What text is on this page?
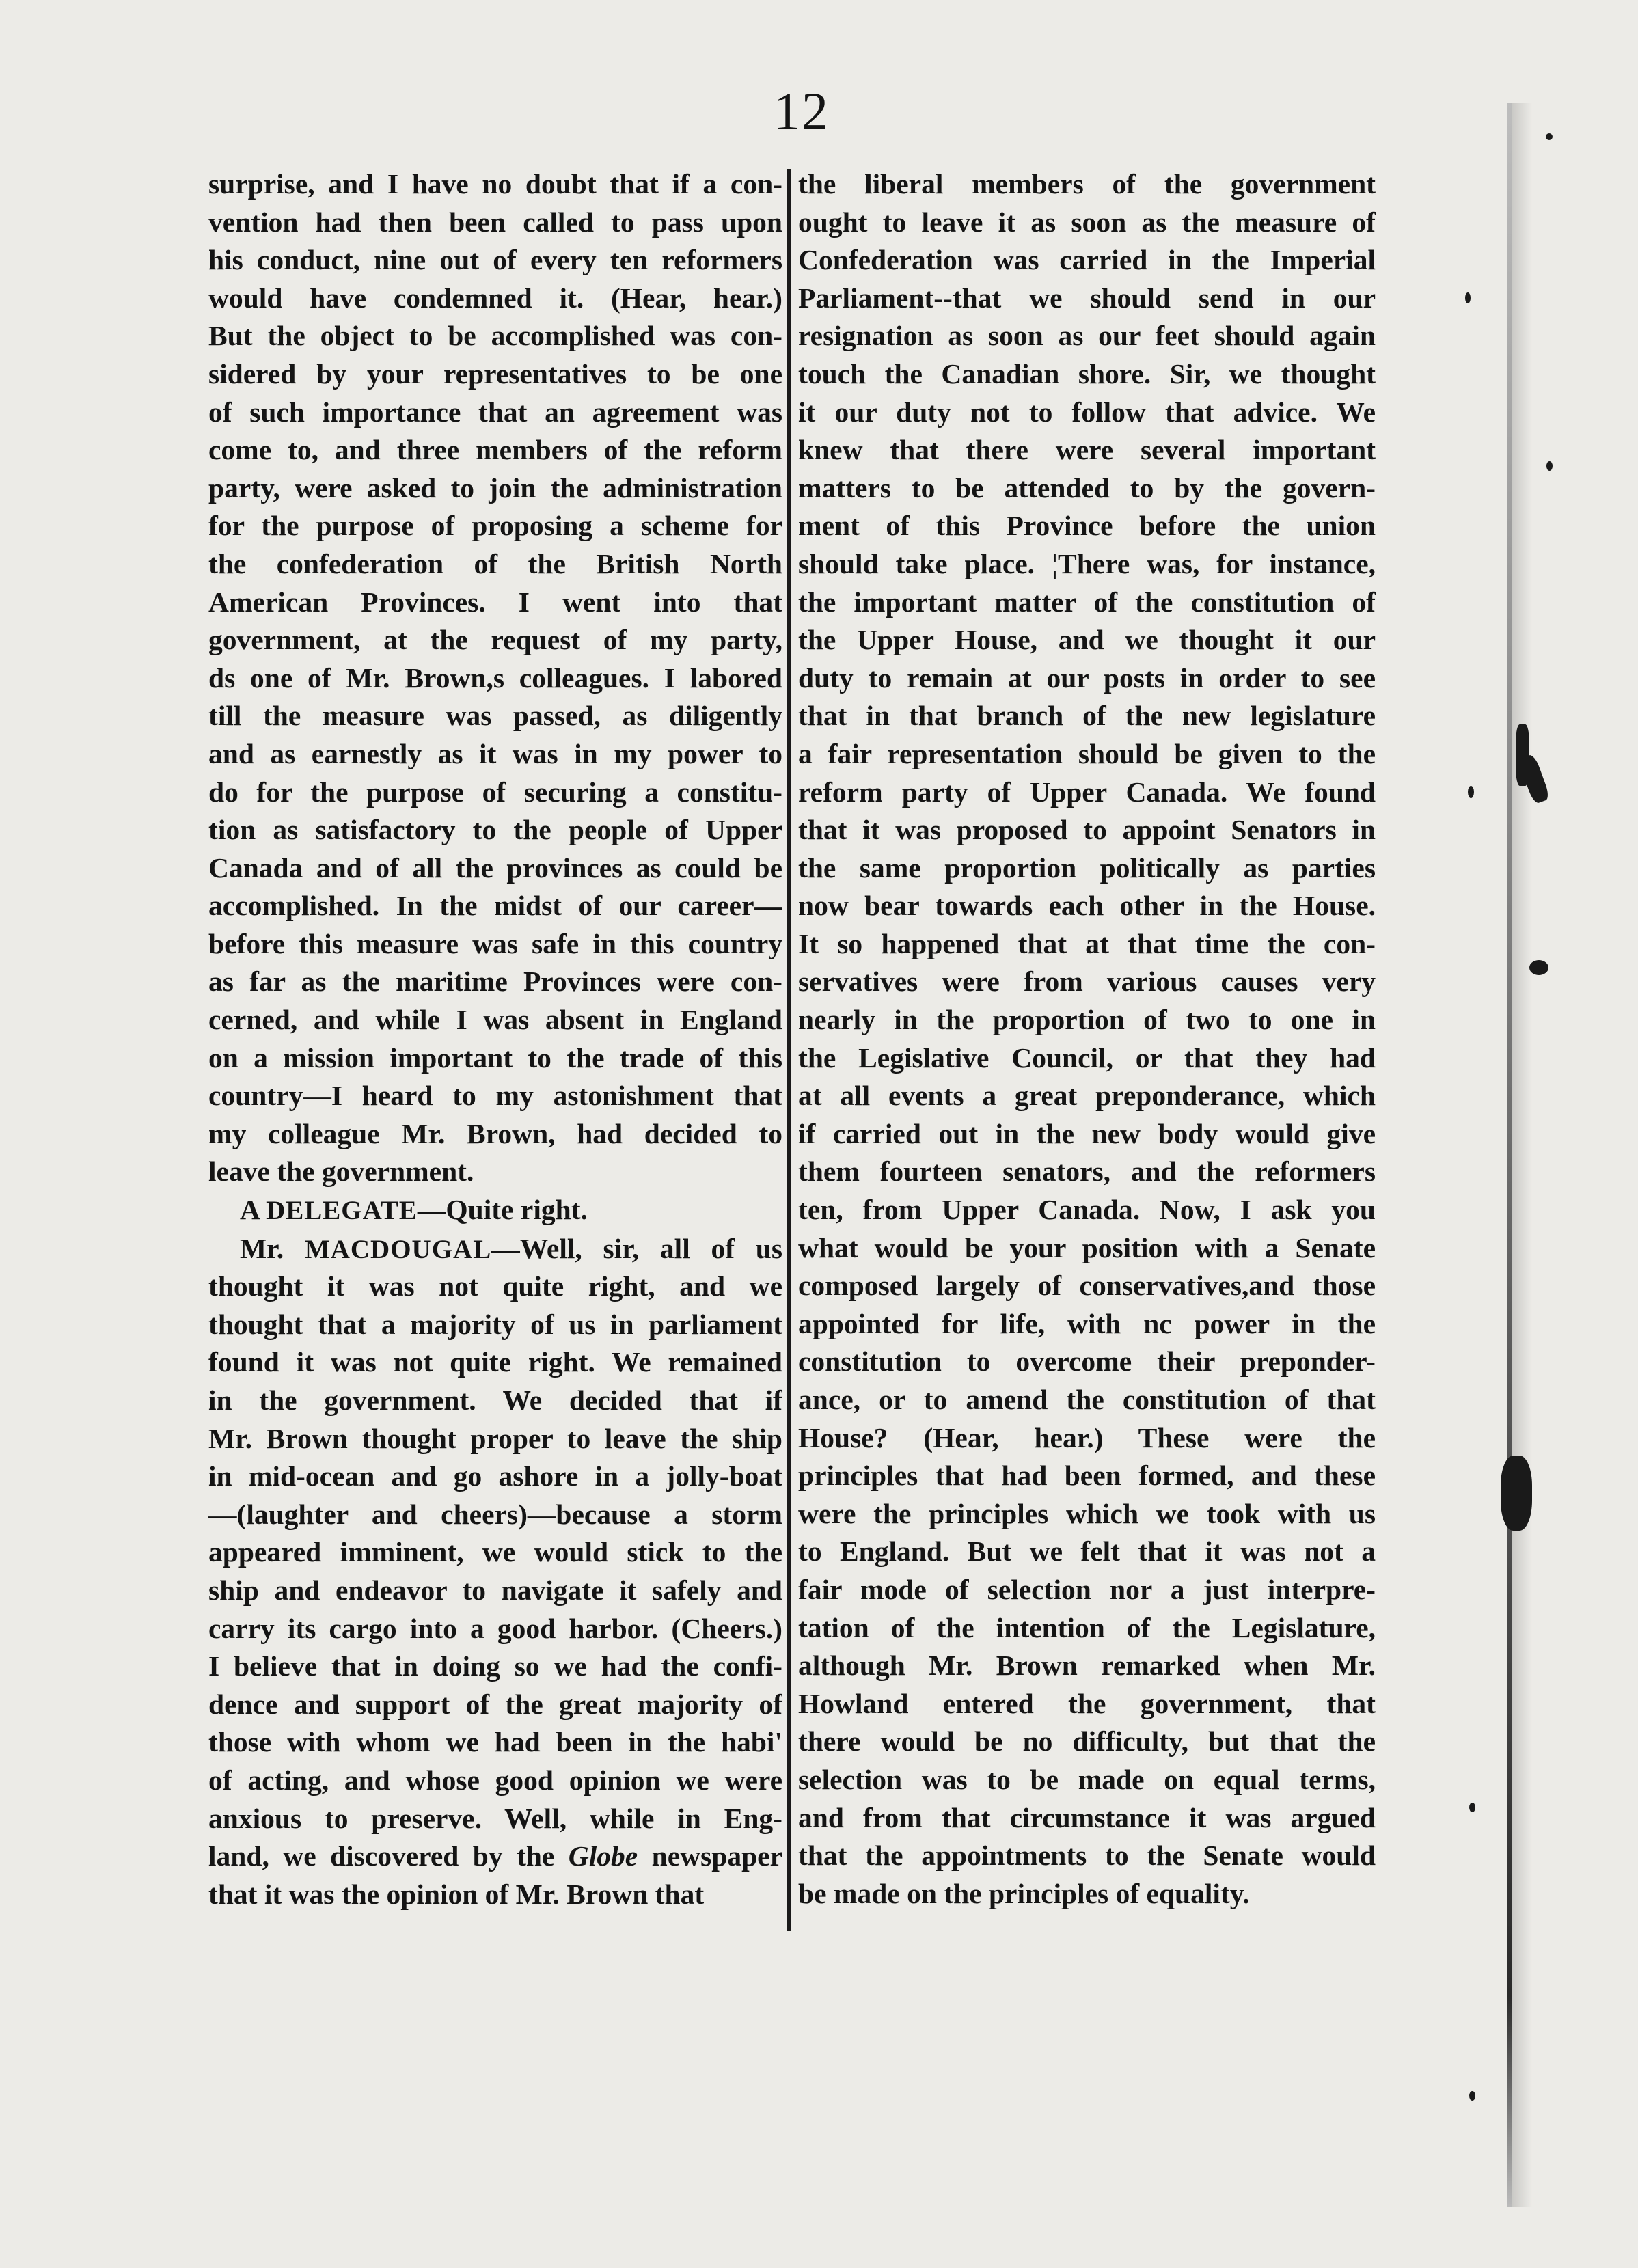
12
surprise, and I have no doubt that if a con-
vention had then been called to pass upon
his conduct, nine out of every ten reformers
would have condemned it. (Hear, hear.)
But the object to be accomplished was con-
sidered by your representatives to be one
of such importance that an agreement was
come to, and three members of the reform
party, were asked to join the administration
for the purpose of proposing a scheme for
the confederation of the British North
American Provinces. I went into that
government, at the request of my party,
ds one of Mr. Brown,s colleagues. I labored
till the measure was passed, as diligently
and as earnestly as it was in my power to
do for the purpose of securing a constitu-
tion as satisfactory to the people of Upper
Canada and of all the provinces as could be
accomplished. In the midst of our career—
before this measure was safe in this country
as far as the maritime Provinces were con-
cerned, and while I was absent in England
on a mission important to the trade of this
country—I heard to my astonishment that
my colleague Mr. Brown, had decided to
leave the government.
A DELEGATE—Quite right.
Mr. MACDOUGAL—Well, sir, all of us
thought it was not quite right, and we
thought that a majority of us in parliament
found it was not quite right. We remained
in the government. We decided that if
Mr. Brown thought proper to leave the ship
in mid-ocean and go ashore in a jolly-boat
—(laughter and cheers)—because a storm
appeared imminent, we would stick to the
ship and endeavor to navigate it safely and
carry its cargo into a good harbor. (Cheers.)
I believe that in doing so we had the confi-
dence and support of the great majority of
those with whom we had been in the habi'
of acting, and whose good opinion we were
anxious to preserve. Well, while in Eng-
land, we discovered by the Globe newspaper
that it was the opinion of Mr. Brown that
the liberal members of the government
ought to leave it as soon as the measure of
Confederation was carried in the Imperial
Parliament--that we should send in our
resignation as soon as our feet should again
touch the Canadian shore. Sir, we thought
it our duty not to follow that advice. We
knew that there were several important
matters to be attended to by the govern-
ment of this Province before the union
should take place. ¦There was, for instance,
the important matter of the constitution of
the Upper House, and we thought it our
duty to remain at our posts in order to see
that in that branch of the new legislature
a fair representation should be given to the
reform party of Upper Canada. We found
that it was proposed to appoint Senators in
the same proportion politically as parties
now bear towards each other in the House.
It so happened that at that time the con-
servatives were from various causes very
nearly in the proportion of two to one in
the Legislative Council, or that they had
at all events a great preponderance, which
if carried out in the new body would give
them fourteen senators, and the reformers
ten, from Upper Canada. Now, I ask you
what would be your position with a Senate
composed largely of conservatives,and those
appointed for life, with nc power in the
constitution to overcome their preponder-
ance, or to amend the constitution of that
House? (Hear, hear.) These were the
principles that had been formed, and these
were the principles which we took with us
to England. But we felt that it was not a
fair mode of selection nor a just interpre-
tation of the intention of the Legislature,
although Mr. Brown remarked when Mr.
Howland entered the government, that
there would be no difficulty, but that the
selection was to be made on equal terms,
and from that circumstance it was argued
that the appointments to the Senate would
be made on the principles of equality.
